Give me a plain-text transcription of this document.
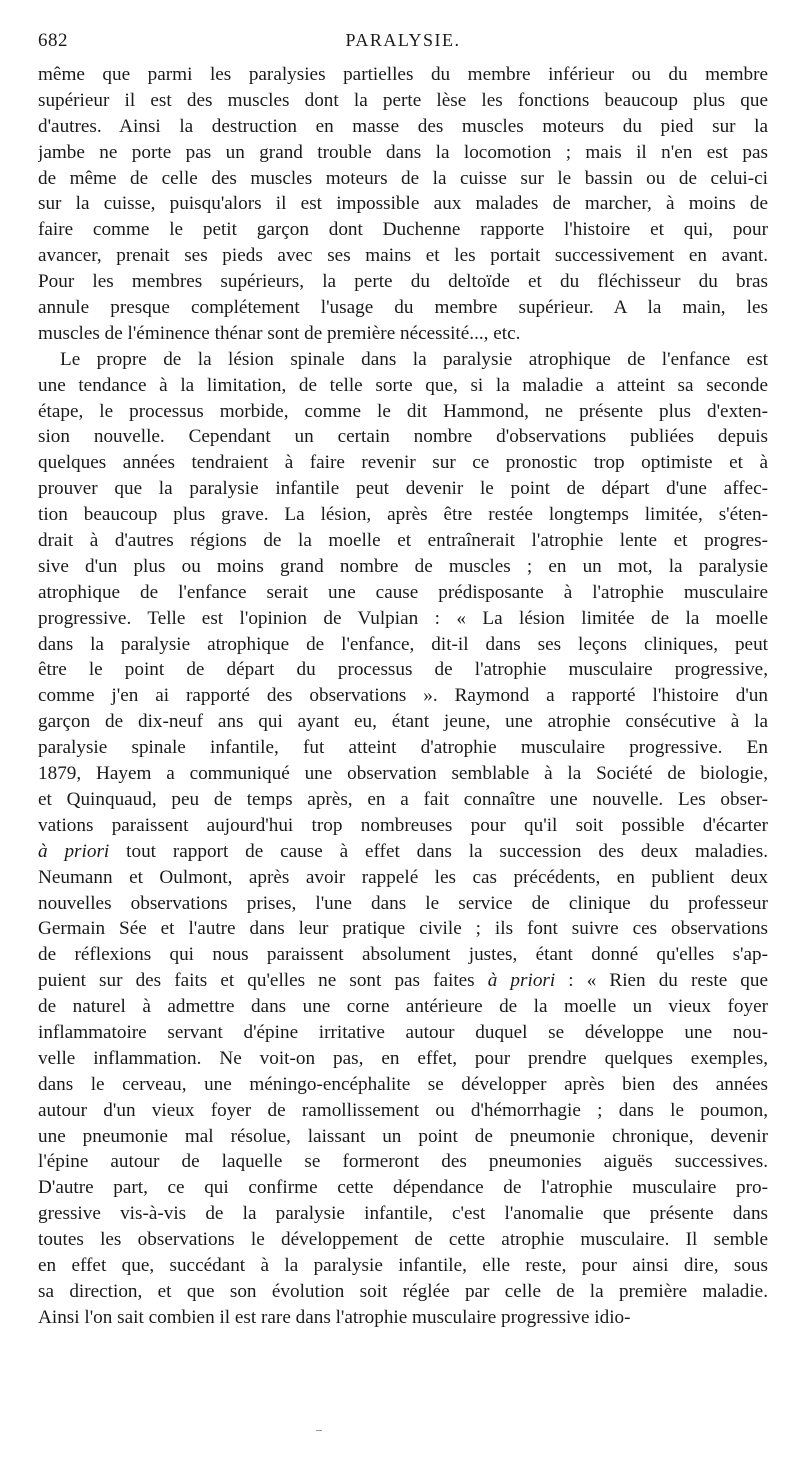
682	PARALYSIE.
même que parmi les paralysies partielles du membre inférieur ou du membre
supérieur il est des muscles dont la perte lèse les fonctions beaucoup plus que
d'autres. Ainsi la destruction en masse des muscles moteurs du pied sur la
jambe ne porte pas un grand trouble dans la locomotion ; mais il n'en est pas
de même de celle des muscles moteurs de la cuisse sur le bassin ou de celui-ci
sur la cuisse, puisqu'alors il est impossible aux malades de marcher, à moins de
faire comme le petit garçon dont Duchenne rapporte l'histoire et qui, pour
avancer, prenait ses pieds avec ses mains et les portait successivement en avant.
Pour les membres supérieurs, la perte du deltoïde et du fléchisseur du bras
annule presque complétement l'usage du membre supérieur. A la main, les
muscles de l'éminence thénar sont de première nécessité..., etc.
Le propre de la lésion spinale dans la paralysie atrophique de l'enfance est
une tendance à la limitation, de telle sorte que, si la maladie a atteint sa seconde
étape, le processus morbide, comme le dit Hammond, ne présente plus d'exten-
sion nouvelle. Cependant un certain nombre d'observations publiées depuis
quelques années tendraient à faire revenir sur ce pronostic trop optimiste et à
prouver que la paralysie infantile peut devenir le point de départ d'une affec-
tion beaucoup plus grave. La lésion, après être restée longtemps limitée, s'éten-
drait à d'autres régions de la moelle et entraînerait l'atrophie lente et progres-
sive d'un plus ou moins grand nombre de muscles ; en un mot, la paralysie
atrophique de l'enfance serait une cause prédisposante à l'atrophie musculaire
progressive. Telle est l'opinion de Vulpian : « La lésion limitée de la moelle
dans la paralysie atrophique de l'enfance, dit-il dans ses leçons cliniques, peut
être le point de départ du processus de l'atrophie musculaire progressive,
comme j'en ai rapporté des observations ». Raymond a rapporté l'histoire d'un
garçon de dix-neuf ans qui ayant eu, étant jeune, une atrophie consécutive à la
paralysie spinale infantile, fut atteint d'atrophie musculaire progressive. En
1879, Hayem a communiqué une observation semblable à la Société de biologie,
et Quinquaud, peu de temps après, en a fait connaître une nouvelle. Les obser-
vations paraissent aujourd'hui trop nombreuses pour qu'il soit possible d'écarter
à priori tout rapport de cause à effet dans la succession des deux maladies.
Neumann et Oulmont, après avoir rappelé les cas précédents, en publient deux
nouvelles observations prises, l'une dans le service de clinique du professeur
Germain Sée et l'autre dans leur pratique civile ; ils font suivre ces observations
de réflexions qui nous paraissent absolument justes, étant donné qu'elles s'ap-
puient sur des faits et qu'elles ne sont pas faites à priori : « Rien du reste que
de naturel à admettre dans une corne antérieure de la moelle un vieux foyer
inflammatoire servant d'épine irritative autour duquel se développe une nou-
velle inflammation. Ne voit-on pas, en effet, pour prendre quelques exemples,
dans le cerveau, une méningo-encéphalite se développer après bien des années
autour d'un vieux foyer de ramollissement ou d'hémorrhagie ; dans le poumon,
une pneumonie mal résolue, laissant un point de pneumonie chronique, devenir
l'épine autour de laquelle se formeront des pneumonies aiguës successives.
D'autre part, ce qui confirme cette dépendance de l'atrophie musculaire pro-
gressive vis-à-vis de la paralysie infantile, c'est l'anomalie que présente dans
toutes les observations le développement de cette atrophie musculaire. Il semble
en effet que, succédant à la paralysie infantile, elle reste, pour ainsi dire, sous
sa direction, et que son évolution soit réglée par celle de la première maladie.
Ainsi l'on sait combien il est rare dans l'atrophie musculaire progressive idio-
